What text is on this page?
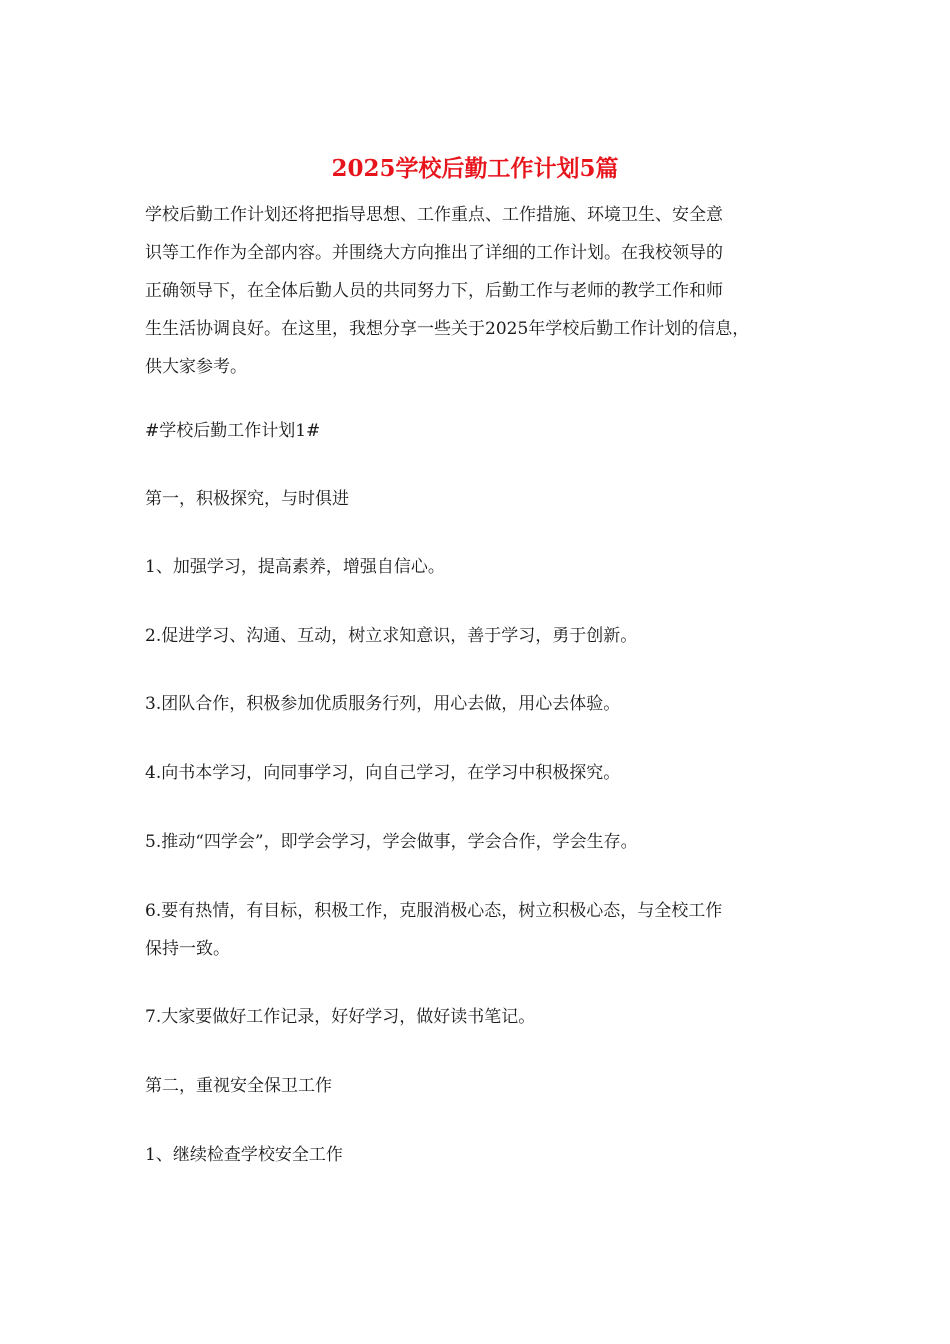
2025学校后勤工作计划5篇
学校后勤工作计划还将把指导思想、工作重点、工作措施、环境卫生、安全意
识等工作作为全部内容。并围绕大方向推出了详细的工作计划。在我校领导的
正确领导下，在全体后勤人员的共同努力下，后勤工作与老师的教学工作和师
生生活协调良好。在这里，我想分享一些关于2025年学校后勤工作计划的信息，
供大家参考。

#学校后勤工作计划1#

第一，积极探究，与时俱进

1、加强学习，提高素养，增强自信心。

2.促进学习、沟通、互动，树立求知意识，善于学习，勇于创新。

3.团队合作，积极参加优质服务行列，用心去做，用心去体验。

4.向书本学习，向同事学习，向自己学习，在学习中积极探究。

5.推动“四学会”，即学会学习，学会做事，学会合作，学会生存。

6.要有热情，有目标，积极工作，克服消极心态，树立积极心态，与全校工作
保持一致。

7.大家要做好工作记录，好好学习，做好读书笔记。

第二，重视安全保卫工作

1、继续检查学校安全工作
